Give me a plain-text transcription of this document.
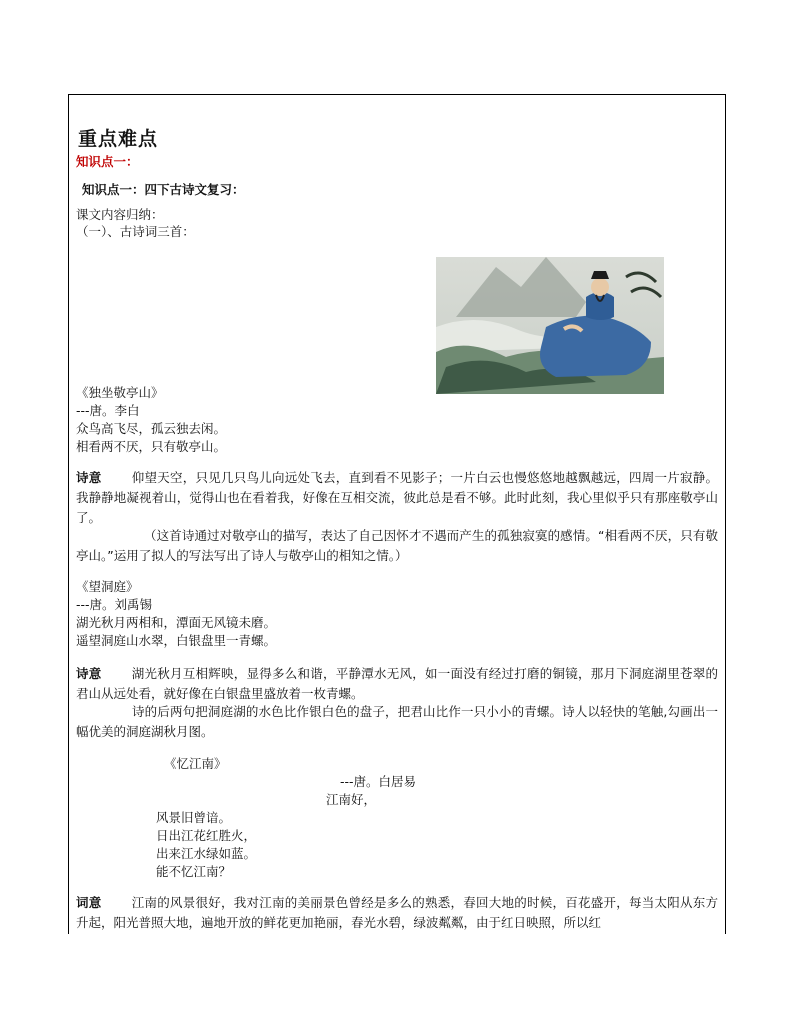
重点难点
知识点一：
知识点一：四下古诗文复习：
课文内容归纳：
（一）、古诗词三首：
《独坐敬亭山》
---唐。李白
众鸟高飞尽，孤云独去闲。
相看两不厌，只有敬亭山。
诗意 仰望天空，只见几只鸟儿向远处飞去，直到看不见影子；一片白云也慢悠悠地越飘越远，四周一片寂静。我静静地凝视着山，觉得山也在看着我，好像在互相交流，彼此总是看不够。此时此刻，我心里似乎只有那座敬亭山了。
（这首诗通过对敬亭山的描写，表达了自己因怀才不遇而产生的孤独寂寞的感情。“相看两不厌，只有敬亭山。”运用了拟人的写法写出了诗人与敬亭山的相知之情。）
《望洞庭》
---唐。刘禹锡
湖光秋月两相和，潭面无风镜未磨。
遥望洞庭山水翠，白银盘里一青螺。
诗意 湖光秋月互相辉映，显得多么和谐，平静潭水无风，如一面没有经过打磨的铜镜，那月下洞庭湖里苍翠的君山从远处看，就好像在白银盘里盛放着一枚青螺。
诗的后两句把洞庭湖的水色比作银白色的盘子，把君山比作一只小小的青螺。诗人以轻快的笔触,勾画出一幅优美的洞庭湖秋月图。
《忆江南》
---唐。白居易
江南好，
风景旧曾谙。
日出江花红胜火，
出来江水绿如蓝。
能不忆江南？
词意 江南的风景很好，我对江南的美丽景色曾经是多么的熟悉，春回大地的时候，百花盛开，每当太阳从东方升起，阳光普照大地，遍地开放的鲜花更加艳丽，春光水碧，绿波粼粼，由于红日映照，所以红
